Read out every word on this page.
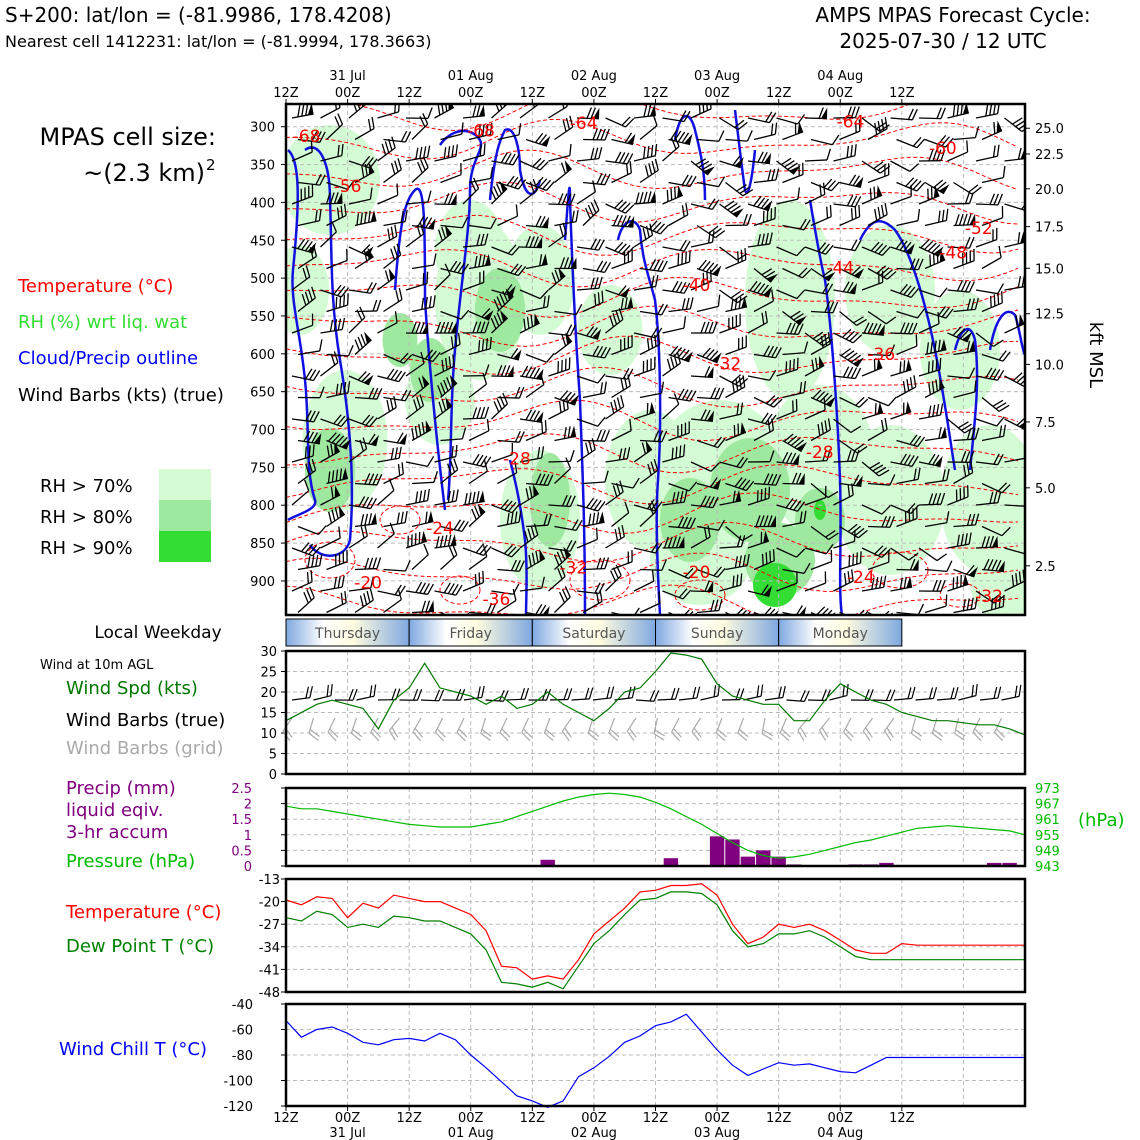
S+200: lat/lon = (-81.9986, 178.4208)
Nearest cell 1412231: lat/lon = (-81.9994, 178.3663)
AMPS MPAS Forecast Cycle:
2025-07-30 / 12 UTC
MPAS cell size:
~(2.3 km) 2
Temperature (°C)
RH (%) wrt liq. wat
Cloud/Precip outline
Wind Barbs (kts) (true)
RH > 70%
RH > 80%
RH > 90%
-68	-68	-64	-64
-60
-56
-52
-48
-44
-40
-32	-36
-28	-28
-24
-24
-32	-20
-20
-36	-32
300
350
400
450
500
550
600
650
700
750
800
850
900
25.0
22.5
20.0
17.5
15.0
12.5
10.0
7.5
5.0
2.5
kft MSL
12Z	00Z	12Z	00Z	12Z	00Z	12Z	00Z	12Z	00Z	12Z
31 Jul	01 Aug	02 Aug	03 Aug	04 Aug
Local Weekday	Thursday	Friday	Saturday	Sunday	Monday
Wind at 10m AGL
Wind Spd (kts)
Wind Barbs (true)
Wind Barbs (grid)
0
5
10
15
20
25
30
Precip (mm)
liquid eqiv.
3-hr accum
Pressure (hPa)
(hPa)
0
0.5
1
1.5
2
2.5
943
949
955
961
967
973
Temperature (°C)
Dew Point T (°C)
-48
-41
-34
-27
-20
-13
Wind Chill T (°C)
-120
-100
-80
-60
-40
12Z	00Z	12Z	00Z	12Z	00Z	12Z	00Z	12Z	00Z	12Z
31 Jul	01 Aug	02 Aug	03 Aug	04 Aug
